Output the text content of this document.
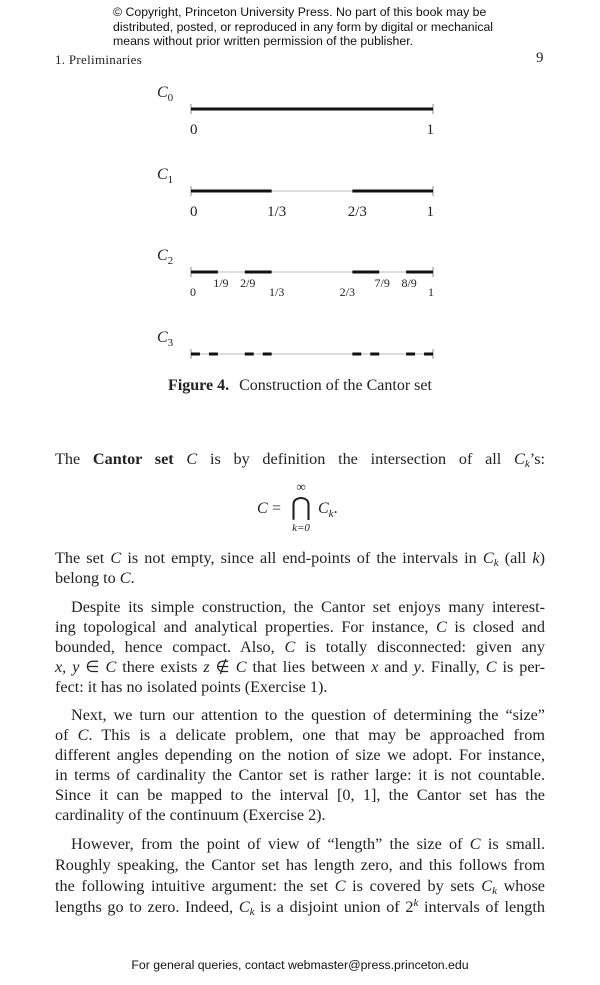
© Copyright, Princeton University Press. No part of this book may be
distributed, posted, or reproduced in any form by digital or mechanical
means without prior written permission of the publisher.
1. Preliminaries	9
$C_0$
0	1
$C_1$
0	1/3	2/3	1
$C_2$
0
1/9 2/9
1/3	2/3
7/9 8/9
1
$C_3$
Figure 4. Construction of the Cantor set
C =
∞
⋂
k=0
$C_k$.
The Cantor set C is by definition the intersection of all $C_k’s$:
The set C is not empty, since all end-points of the intervals in $C_k$ (all k)
belong to C.
Despite its simple construction, the Cantor set enjoys many interest-
ing topological and analytical properties. For instance, C is closed and
bounded, hence compact. Also, C is totally disconnected: given any
x, y ∈ C there exists z ∉ C that lies between x and y. Finally, C is per-
fect: it has no isolated points (Exercise 1).
Next, we turn our attention to the question of determining the “size”
of C. This is a delicate problem, one that may be approached from
different angles depending on the notion of size we adopt. For instance,
in terms of cardinality the Cantor set is rather large: it is not countable.
Since it can be mapped to the interval [0, 1], the Cantor set has the
cardinality of the continuum (Exercise 2).
However, from the point of view of “length” the size of C is small.
Roughly speaking, the Cantor set has length zero, and this follows from
the following intuitive argument: the set C is covered by sets $C_k$ whose
lengths go to zero. Indeed, $C_k$ is a disjoint union of 2$^k$ intervals of length
For general queries, contact webmaster@press.princeton.edu
